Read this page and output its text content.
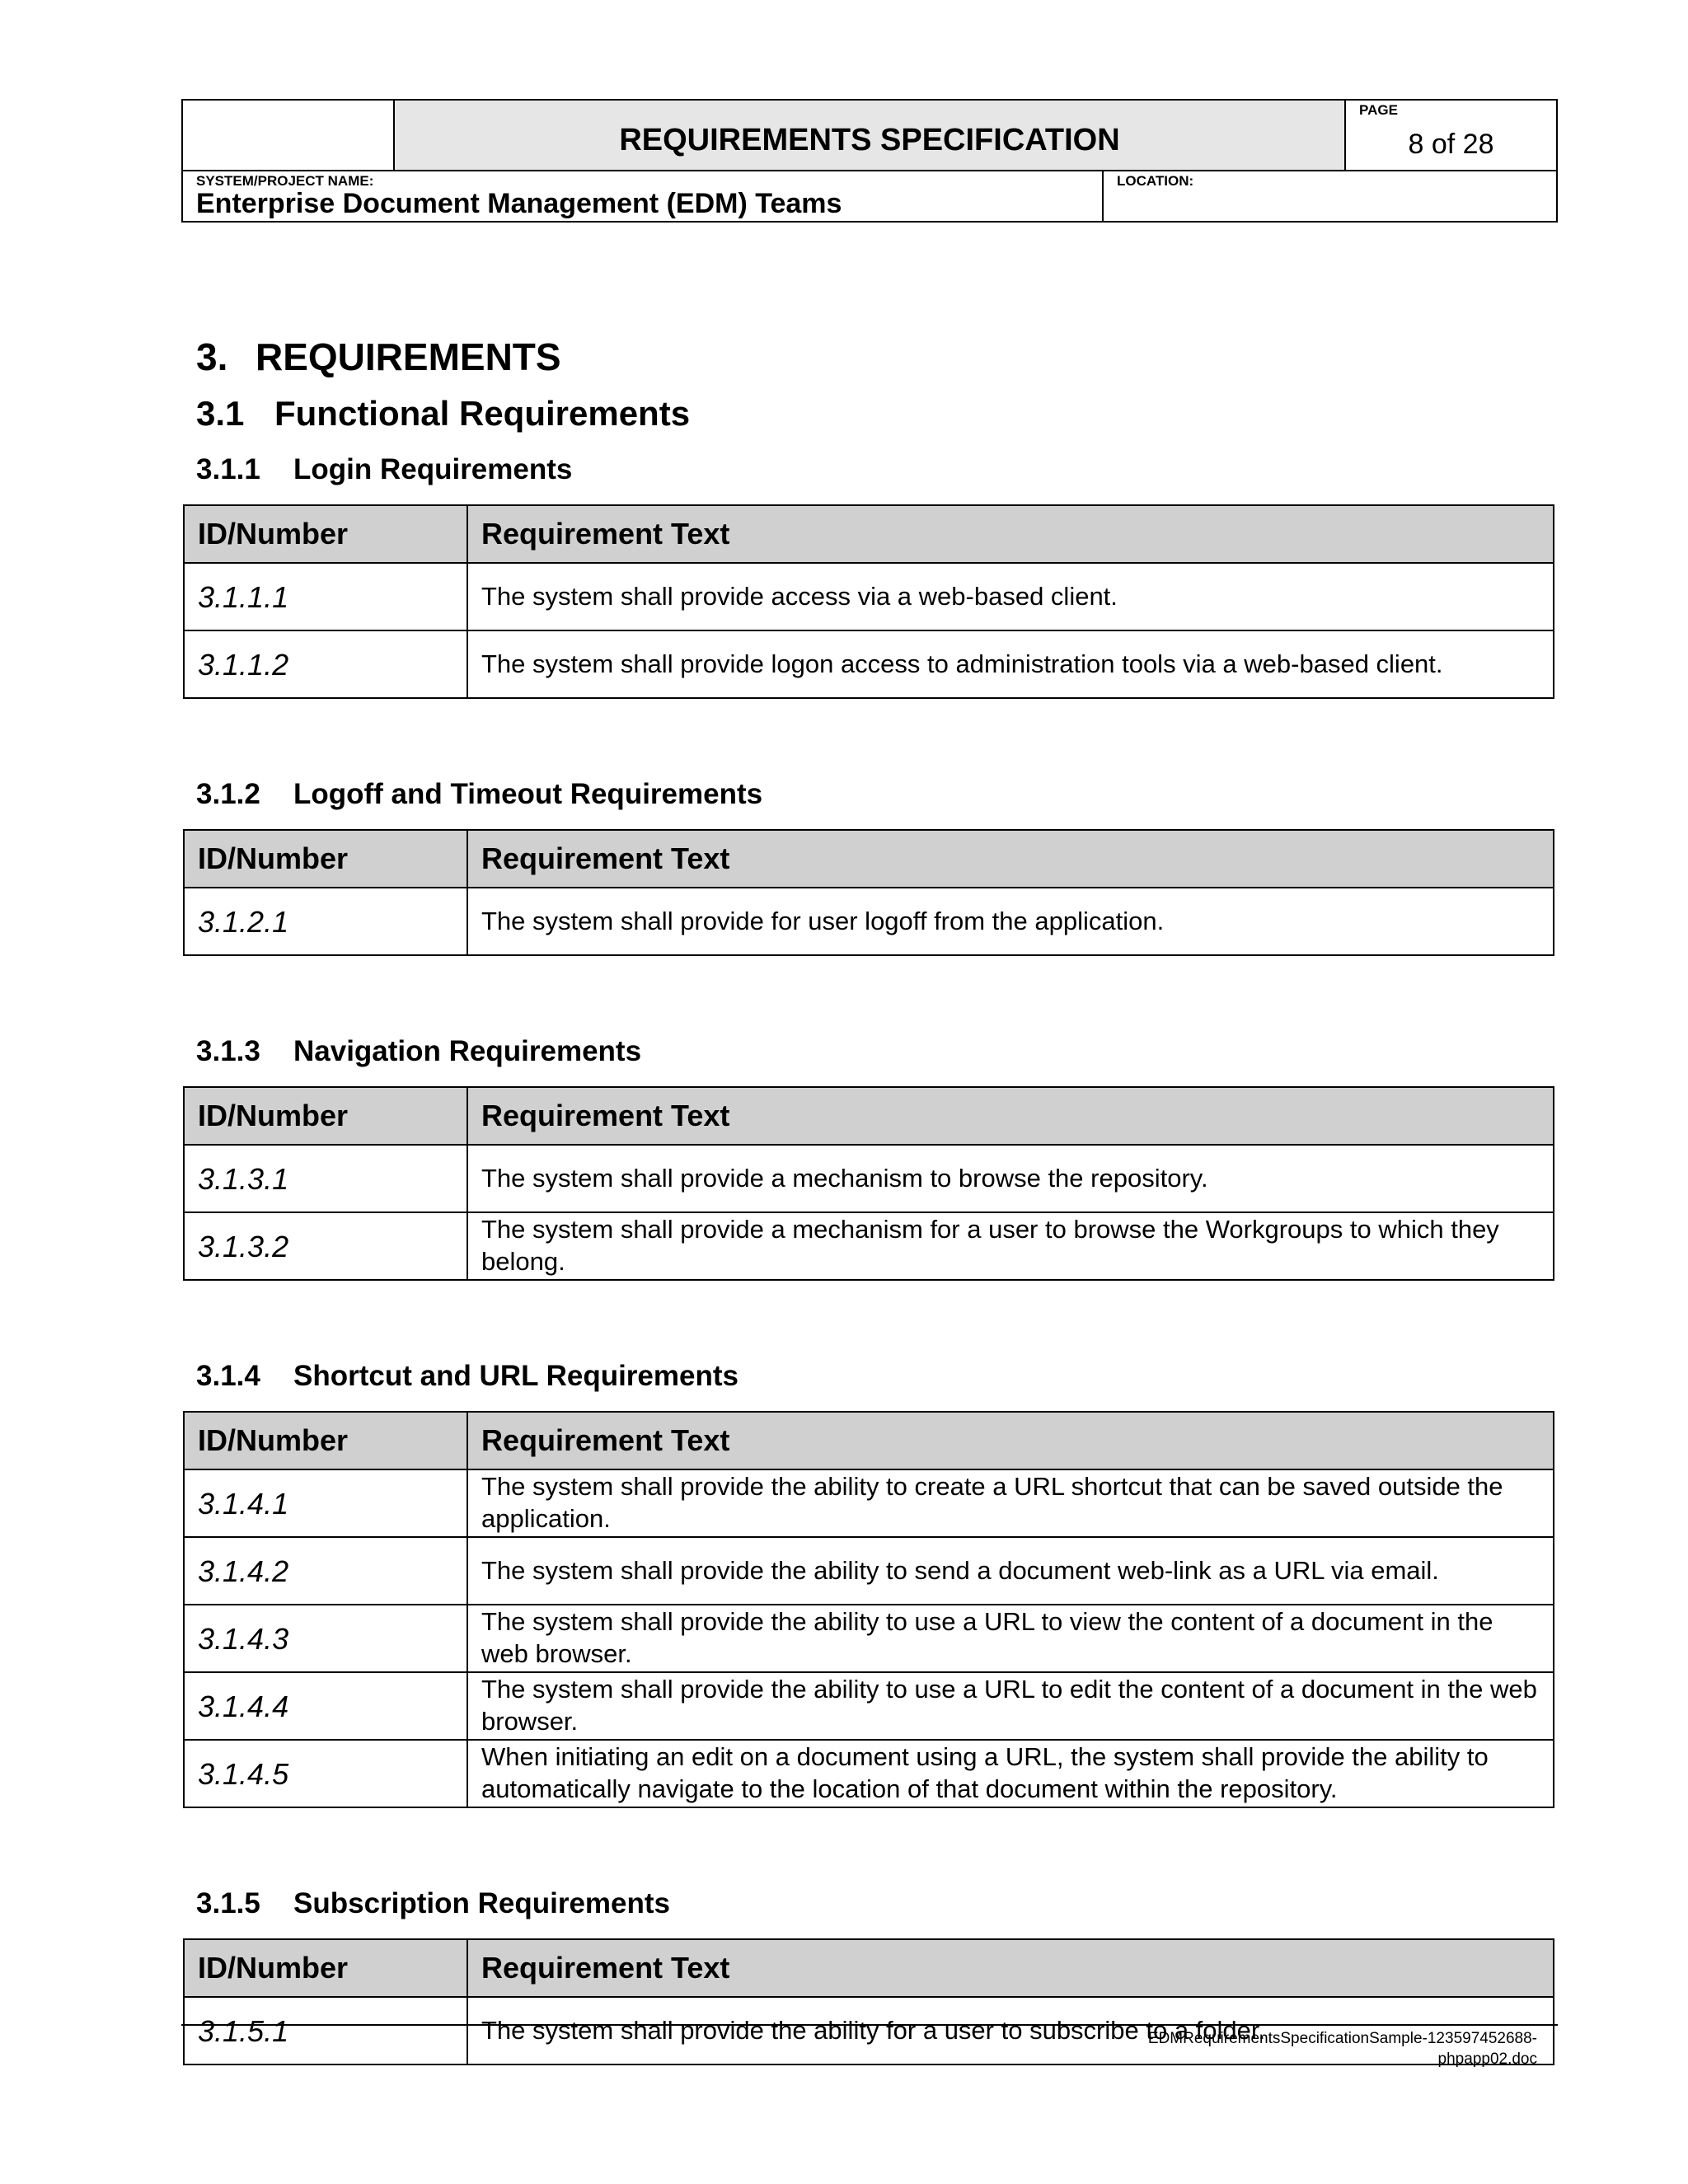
REQUIREMENTS SPECIFICATION
PAGE
8 of 28
SYSTEM/PROJECT NAME:
Enterprise Document Management (EDM) Teams
LOCATION:
3. REQUIREMENTS
3.1 Functional Requirements
3.1.1	Login Requirements
ID/Number	Requirement Text
3.1.1.1	The system shall provide access via a web-based client.
3.1.1.2	The system shall provide logon access to administration tools via a web-based client.
3.1.2	Logoff and Timeout Requirements
ID/Number	Requirement Text
3.1.2.1	The system shall provide for user logoff from the application.
3.1.3	Navigation Requirements
ID/Number	Requirement Text
3.1.3.1	The system shall provide a mechanism to browse the repository.
3.1.3.2	The system shall provide a mechanism for a user to browse the Workgroups to which they belong.
3.1.4	Shortcut and URL Requirements
ID/Number	Requirement Text
3.1.4.1	The system shall provide the ability to create a URL shortcut that can be saved outside the application.
3.1.4.2	The system shall provide the ability to send a document web-link as a URL via email.
3.1.4.3	The system shall provide the ability to use a URL to view the content of a document in the web browser.
3.1.4.4	The system shall provide the ability to use a URL to edit the content of a document in the web browser.
3.1.4.5	When initiating an edit on a document using a URL, the system shall provide the ability to automatically navigate to the location of that document within the repository.
3.1.5	Subscription Requirements
ID/Number	Requirement Text
3.1.5.1	The system shall provide the ability for a user to subscribe to a folder.
EDMRequirementsSpecificationSample-123597452688-
phpapp02.doc
